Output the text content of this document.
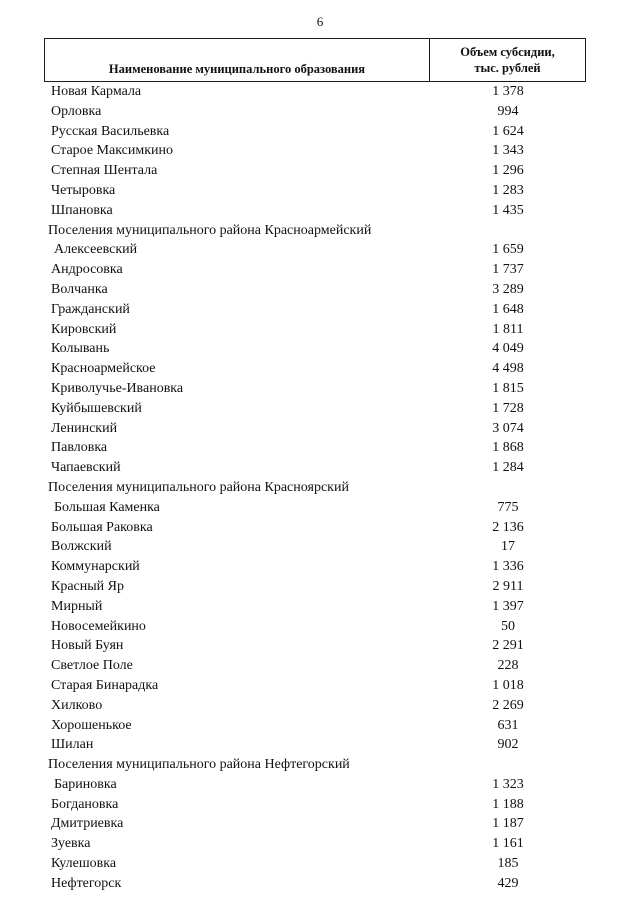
6
Наименование муниципального образования
Объем субсидии,
тыс. рублей
Новая Кармала	1 378
Орловка	994
Русская Васильевка	1 624
Старое Максимкино	1 343
Степная Шентала	1 296
Четыровка	1 283
Шпановка	1 435
Поселения муниципального района Красноармейский
Алексеевский	1 659
Андросовка	1 737
Волчанка	3 289
Гражданский	1 648
Кировский	1 811
Колывань	4 049
Красноармейское	4 498
Криволучье-Ивановка	1 815
Куйбышевский	1 728
Ленинский	3 074
Павловка	1 868
Чапаевский	1 284
Поселения муниципального района Красноярский
Большая Каменка	775
Большая Раковка	2 136
Волжский	17
Коммунарский	1 336
Красный Яр	2 911
Мирный	1 397
Новосемейкино	50
Новый Буян	2 291
Светлое Поле	228
Старая Бинарадка	1 018
Хилково	2 269
Хорошенькое	631
Шилан	902
Поселения муниципального района Нефтегорский
Бариновка	1 323
Богдановка	1 188
Дмитриевка	1 187
Зуевка	1 161
Кулешовка	185
Нефтегорск	429
